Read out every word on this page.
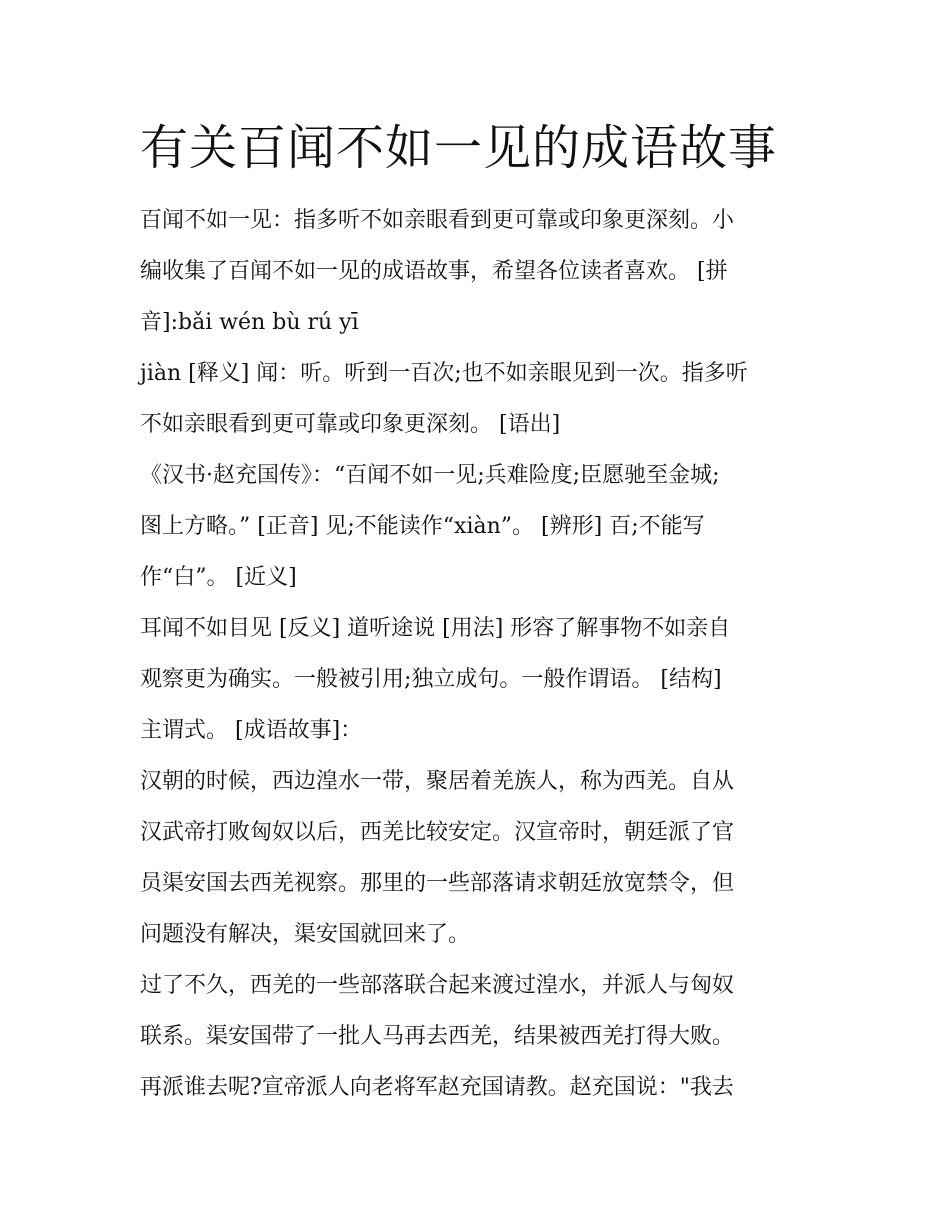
有关百闻不如一见的成语故事

百闻不如一见：指多听不如亲眼看到更可靠或印象更深刻。小

编收集了百闻不如一见的成语故事，希望各位读者喜欢。 [拼

音]:bǎi wén bù rú yī

jiàn [释义] 闻：听。听到一百次;也不如亲眼见到一次。指多听

不如亲眼看到更可靠或印象更深刻。 [语出]

《汉书·赵充国传》：“百闻不如一见;兵难险度;臣愿驰至金城;

图上方略。” [正音] 见;不能读作“xiàn”。 [辨形] 百;不能写

作“白”。 [近义]

耳闻不如目见 [反义] 道听途说 [用法] 形容了解事物不如亲自

观察更为确实。一般被引用;独立成句。一般作谓语。 [结构]

主谓式。 [成语故事]：

汉朝的时候，西边湟水一带，聚居着羌族人，称为西羌。自从

汉武帝打败匈奴以后，西羌比较安定。汉宣帝时，朝廷派了官

员渠安国去西羌视察。那里的一些部落请求朝廷放宽禁令，但

问题没有解决，渠安国就回来了。

过了不久，西羌的一些部落联合起来渡过湟水，并派人与匈奴

联系。渠安国带了一批人马再去西羌，结果被西羌打得大败。

再派谁去呢?宣帝派人向老将军赵充国请教。赵充国说："我去
